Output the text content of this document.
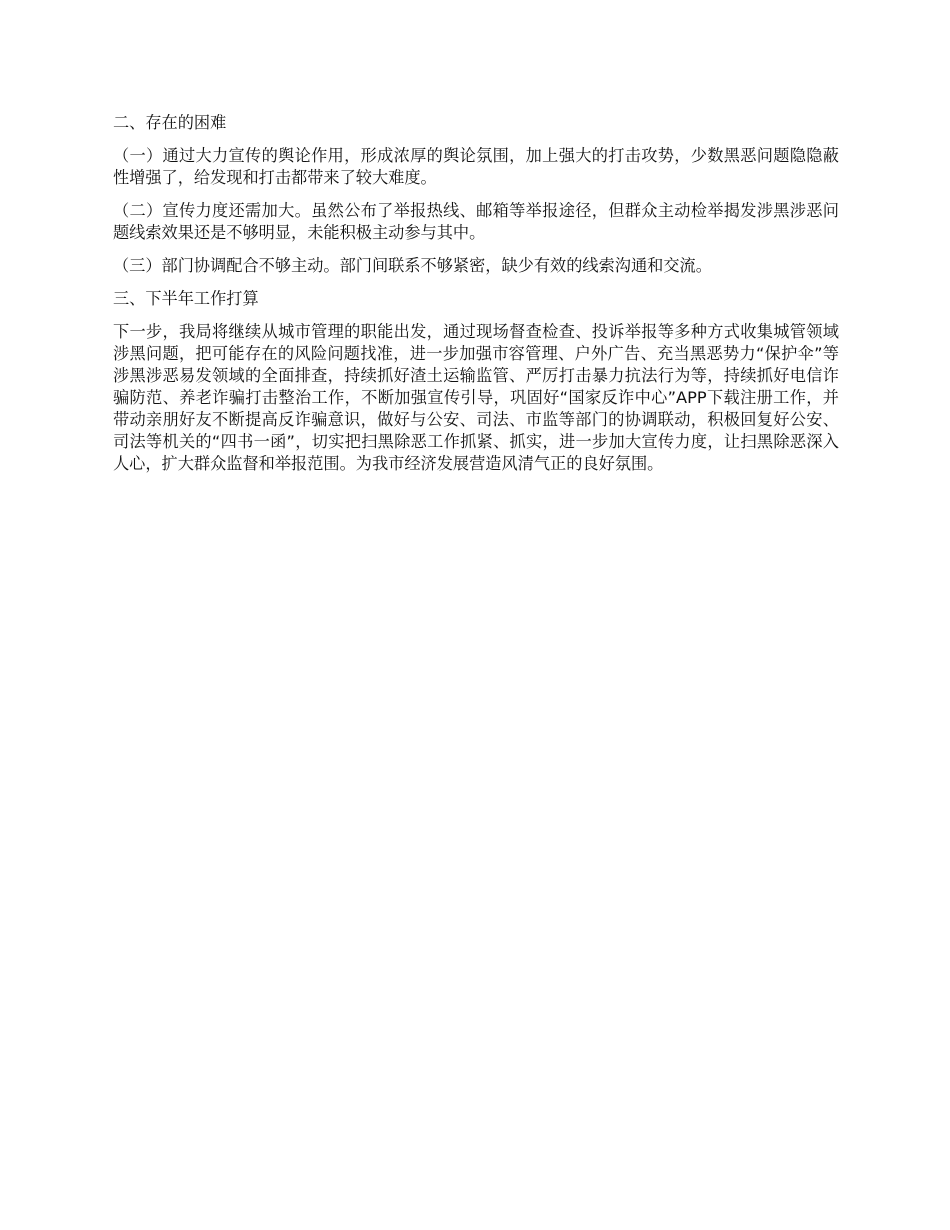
二、存在的困难

（一）通过大力宣传的舆论作用，形成浓厚的舆论氛围，加上强大的打击攻势，少数黑恶问题隐隐蔽性增强了，给发现和打击都带来了较大难度。

（二）宣传力度还需加大。虽然公布了举报热线、邮箱等举报途径，但群众主动检举揭发涉黑涉恶问题线索效果还是不够明显，未能积极主动参与其中。

（三）部门协调配合不够主动。部门间联系不够紧密，缺少有效的线索沟通和交流。

三、下半年工作打算

下一步，我局将继续从城市管理的职能出发，通过现场督查检查、投诉举报等多种方式收集城管领域涉黑问题，把可能存在的风险问题找准，进一步加强市容管理、户外广告、充当黑恶势力“保护伞”等涉黑涉恶易发领域的全面排查，持续抓好渣土运输监管、严厉打击暴力抗法行为等，持续抓好电信诈骗防范、养老诈骗打击整治工作，不断加强宣传引导，巩固好“国家反诈中心”APP下载注册工作，并带动亲朋好友不断提高反诈骗意识，做好与公安、司法、市监等部门的协调联动，积极回复好公安、司法等机关的“四书一函”，切实把扫黑除恶工作抓紧、抓实，进一步加大宣传力度，让扫黑除恶深入人心，扩大群众监督和举报范围。为我市经济发展营造风清气正的良好氛围。
